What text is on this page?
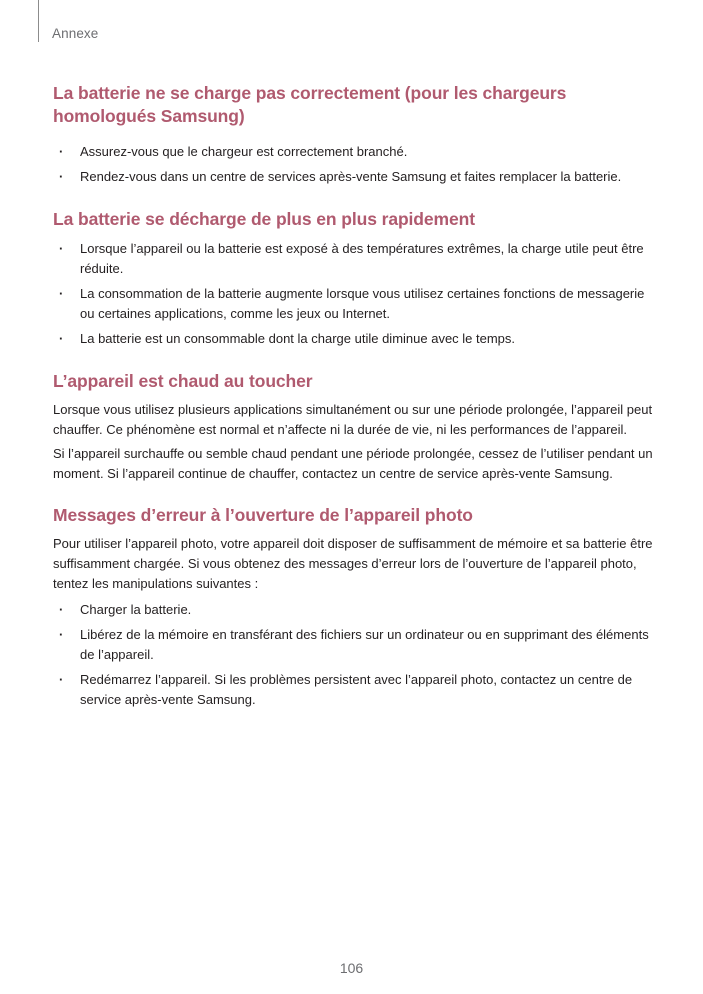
Annexe
La batterie ne se charge pas correctement (pour les chargeurs homologués Samsung)
· Assurez-vous que le chargeur est correctement branché.
· Rendez-vous dans un centre de services après-vente Samsung et faites remplacer la batterie.
La batterie se décharge de plus en plus rapidement
· Lorsque l’appareil ou la batterie est exposé à des températures extrêmes, la charge utile peut être réduite.
· La consommation de la batterie augmente lorsque vous utilisez certaines fonctions de messagerie ou certaines applications, comme les jeux ou Internet.
· La batterie est un consommable dont la charge utile diminue avec le temps.
L’appareil est chaud au toucher

Lorsque vous utilisez plusieurs applications simultanément ou sur une période prolongée, l’appareil peut chauffer. Ce phénomène est normal et n’affecte ni la durée de vie, ni les performances de l’appareil.

Si l’appareil surchauffe ou semble chaud pendant une période prolongée, cessez de l’utiliser pendant un moment. Si l’appareil continue de chauffer, contactez un centre de service après-vente Samsung.

Messages d’erreur à l’ouverture de l’appareil photo

Pour utiliser l’appareil photo, votre appareil doit disposer de suffisamment de mémoire et sa batterie être suffisamment chargée. Si vous obtenez des messages d’erreur lors de l’ouverture de l’appareil photo, tentez les manipulations suivantes :

· Charger la batterie.
· Libérez de la mémoire en transférant des fichiers sur un ordinateur ou en supprimant des éléments de l’appareil.
· Redémarrez l’appareil. Si les problèmes persistent avec l’appareil photo, contactez un centre de service après-vente Samsung.
106
